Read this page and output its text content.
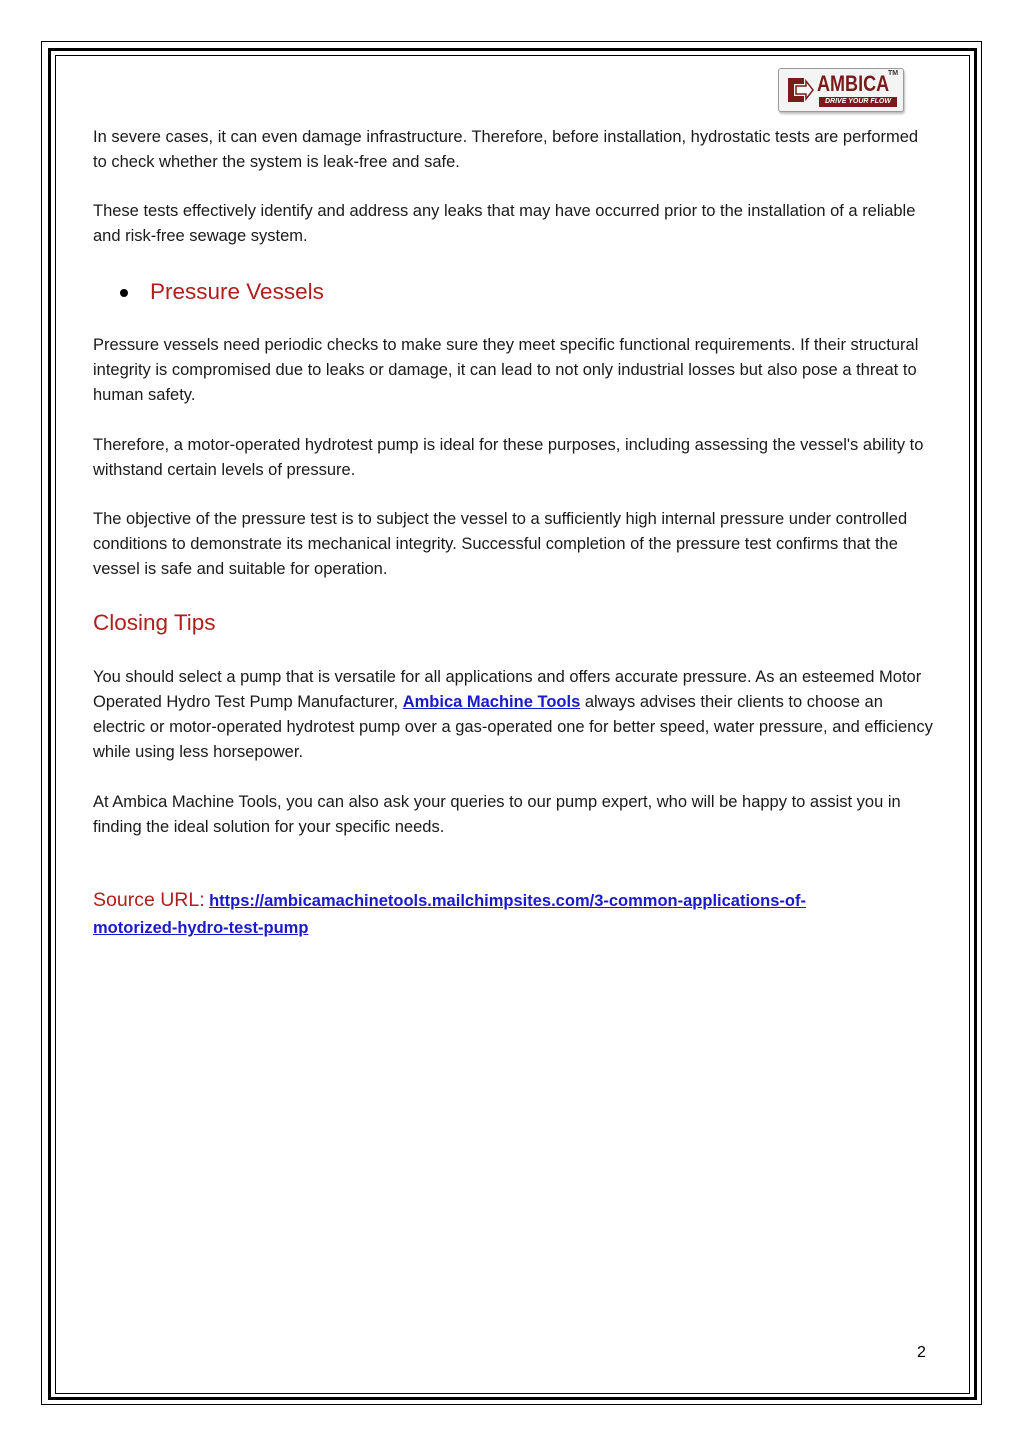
AMBICA
TM
DRIVE YOUR FLOW

In severe cases, it can even damage infrastructure. Therefore, before installation, hydrostatic tests are performed to check whether the system is leak-free and safe.

These tests effectively identify and address any leaks that may have occurred prior to the installation of a reliable and risk-free sewage system.

Pressure Vessels

Pressure vessels need periodic checks to make sure they meet specific functional requirements. If their structural integrity is compromised due to leaks or damage, it can lead to not only industrial losses but also pose a threat to human safety.

Therefore, a motor-operated hydrotest pump is ideal for these purposes, including assessing the vessel's ability to withstand certain levels of pressure.

The objective of the pressure test is to subject the vessel to a sufficiently high internal pressure under controlled conditions to demonstrate its mechanical integrity. Successful completion of the pressure test confirms that the vessel is safe and suitable for operation.

Closing Tips

You should select a pump that is versatile for all applications and offers accurate pressure. As an esteemed Motor Operated Hydro Test Pump Manufacturer, Ambica Machine Tools always advises their clients to choose an electric or motor-operated hydrotest pump over a gas-operated one for better speed, water pressure, and efficiency while using less horsepower.

At Ambica Machine Tools, you can also ask your queries to our pump expert, who will be happy to assist you in finding the ideal solution for your specific needs.

Source URL: https://ambicamachinetools.mailchimpsites.com/3-common-applications-of-
motorized-hydro-test-pump
2
